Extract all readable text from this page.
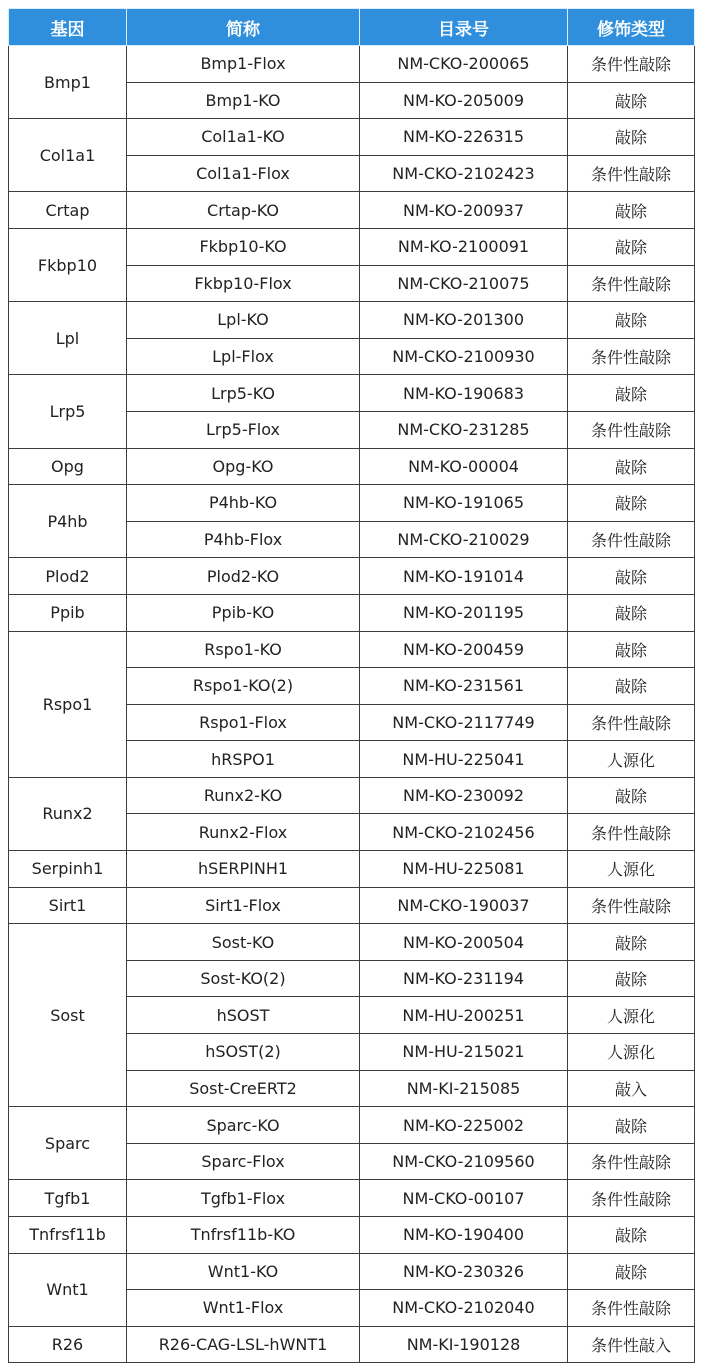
基因	简称	目录号	修饰类型
Bmp1	Bmp1-Flox	NM-CKO-200065	条件性敲除
	Bmp1-KO	NM-KO-205009	敲除
Col1a1	Col1a1-KO	NM-KO-226315	敲除
	Col1a1-Flox	NM-CKO-2102423	条件性敲除
Crtap	Crtap-KO	NM-KO-200937	敲除
Fkbp10	Fkbp10-KO	NM-KO-2100091	敲除
	Fkbp10-Flox	NM-CKO-210075	条件性敲除
Lpl	Lpl-KO	NM-KO-201300	敲除
	Lpl-Flox	NM-CKO-2100930	条件性敲除
Lrp5	Lrp5-KO	NM-KO-190683	敲除
	Lrp5-Flox	NM-CKO-231285	条件性敲除
Opg	Opg-KO	NM-KO-00004	敲除
P4hb	P4hb-KO	NM-KO-191065	敲除
	P4hb-Flox	NM-CKO-210029	条件性敲除
Plod2	Plod2-KO	NM-KO-191014	敲除
Ppib	Ppib-KO	NM-KO-201195	敲除
Rspo1	Rspo1-KO	NM-KO-200459	敲除
	Rspo1-KO(2)	NM-KO-231561	敲除
	Rspo1-Flox	NM-CKO-2117749	条件性敲除
	hRSPO1	NM-HU-225041	人源化
Runx2	Runx2-KO	NM-KO-230092	敲除
	Runx2-Flox	NM-CKO-2102456	条件性敲除
Serpinh1	hSERPINH1	NM-HU-225081	人源化
Sirt1	Sirt1-Flox	NM-CKO-190037	条件性敲除
Sost	Sost-KO	NM-KO-200504	敲除
	Sost-KO(2)	NM-KO-231194	敲除
	hSOST	NM-HU-200251	人源化
	hSOST(2)	NM-HU-215021	人源化
	Sost-CreERT2	NM-KI-215085	敲入
Sparc	Sparc-KO	NM-KO-225002	敲除
	Sparc-Flox	NM-CKO-2109560	条件性敲除
Tgfb1	Tgfb1-Flox	NM-CKO-00107	条件性敲除
Tnfrsf11b	Tnfrsf11b-KO	NM-KO-190400	敲除
Wnt1	Wnt1-KO	NM-KO-230326	敲除
	Wnt1-Flox	NM-CKO-2102040	条件性敲除
R26	R26-CAG-LSL-hWNT1	NM-KI-190128	条件性敲入
